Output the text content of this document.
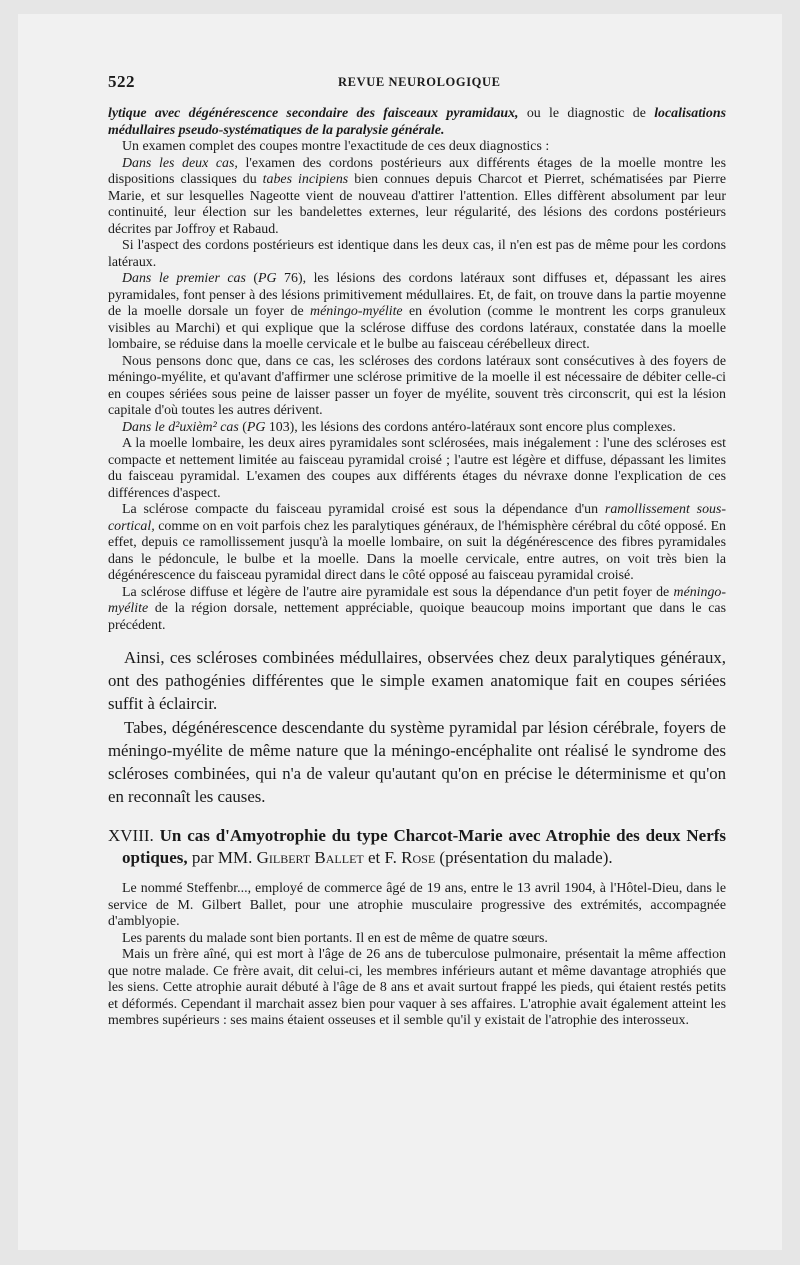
522	REVUE NEUROLOGIQUE

lytique avec dégénérescence secondaire des faisceaux pyramidaux, ou le diagnostic de localisations médullaires pseudo-systématiques de la paralysie générale.

Un examen complet des coupes montre l'exactitude de ces deux diagnostics :

Dans les deux cas, l'examen des cordons postérieurs aux différents étages de la moelle montre les dispositions classiques du tabes incipiens bien connues depuis Charcot et Pierret, schématisées par Pierre Marie, et sur lesquelles Nageotte vient de nouveau d'attirer l'attention. Elles diffèrent absolument par leur continuité, leur élection sur les bandelettes externes, leur régularité, des lésions des cordons postérieurs décrites par Joffroy et Rabaud.

Si l'aspect des cordons postérieurs est identique dans les deux cas, il n'en est pas de même pour les cordons latéraux.

Dans le premier cas (PG 76), les lésions des cordons latéraux sont diffuses et, dépassant les aires pyramidales, font penser à des lésions primitivement médullaires. Et, de fait, on trouve dans la partie moyenne de la moelle dorsale un foyer de méningo-myélite en évolution (comme le montrent les corps granuleux visibles au Marchi) et qui explique que la sclérose diffuse des cordons latéraux, constatée dans la moelle lombaire, se réduise dans la moelle cervicale et le bulbe au faisceau cérébelleux direct.

Nous pensons donc que, dans ce cas, les scléroses des cordons latéraux sont consécutives à des foyers de méningo-myélite, et qu'avant d'affirmer une sclérose primitive de la moelle il est nécessaire de débiter celle-ci en coupes sériées sous peine de laisser passer un foyer de myélite, souvent très circonscrit, qui est la lésion capitale d'où toutes les autres dérivent.

Dans le d²uxièm² cas (PG 103), les lésions des cordons antéro-latéraux sont encore plus complexes.

A la moelle lombaire, les deux aires pyramidales sont sclérosées, mais inégalement : l'une des scléroses est compacte et nettement limitée au faisceau pyramidal croisé ; l'autre est légère et diffuse, dépassant les limites du faisceau pyramidal. L'examen des coupes aux différents étages du névraxe donne l'explication de ces différences d'aspect.

La sclérose compacte du faisceau pyramidal croisé est sous la dépendance d'un ramollissement sous-cortical, comme on en voit parfois chez les paralytiques généraux, de l'hémisphère cérébral du côté opposé. En effet, depuis ce ramollissement jusqu'à la moelle lombaire, on suit la dégénérescence des fibres pyramidales dans le pédoncule, le bulbe et la moelle. Dans la moelle cervicale, entre autres, on voit très bien la dégénérescence du faisceau pyramidal direct dans le côté opposé au faisceau pyramidal croisé.

La sclérose diffuse et légère de l'autre aire pyramidale est sous la dépendance d'un petit foyer de méningo-myélite de la région dorsale, nettement appréciable, quoique beaucoup moins important que dans le cas précédent.

Ainsi, ces scléroses combinées médullaires, observées chez deux paralytiques généraux, ont des pathogénies différentes que le simple examen anatomique fait en coupes sériées suffit à éclaircir.

Tabes, dégénérescence descendante du système pyramidal par lésion cérébrale, foyers de méningo-myélite de même nature que la méningo-encéphalite ont réalisé le syndrome des scléroses combinées, qui n'a de valeur qu'autant qu'on en précise le déterminisme et qu'on en reconnaît les causes.

XVIII. Un cas d'Amyotrophie du type Charcot-Marie avec Atrophie des deux Nerfs optiques, par MM. Gilbert Ballet et F. Rose (présentation du malade).

Le nommé Steffenbr..., employé de commerce âgé de 19 ans, entre le 13 avril 1904, à l'Hôtel-Dieu, dans le service de M. Gilbert Ballet, pour une atrophie musculaire progressive des extrémités, accompagnée d'amblyopie.

Les parents du malade sont bien portants. Il en est de même de quatre sœurs.

Mais un frère aîné, qui est mort à l'âge de 26 ans de tuberculose pulmonaire, présentait la même affection que notre malade. Ce frère avait, dit celui-ci, les membres inférieurs autant et même davantage atrophiés que les siens. Cette atrophie aurait débuté à l'âge de 8 ans et avait surtout frappé les pieds, qui étaient restés petits et déformés. Cependant il marchait assez bien pour vaquer à ses affaires. L'atrophie avait également atteint les membres supérieurs : ses mains étaient osseuses et il semble qu'il y existait de l'atrophie des interosseux.
